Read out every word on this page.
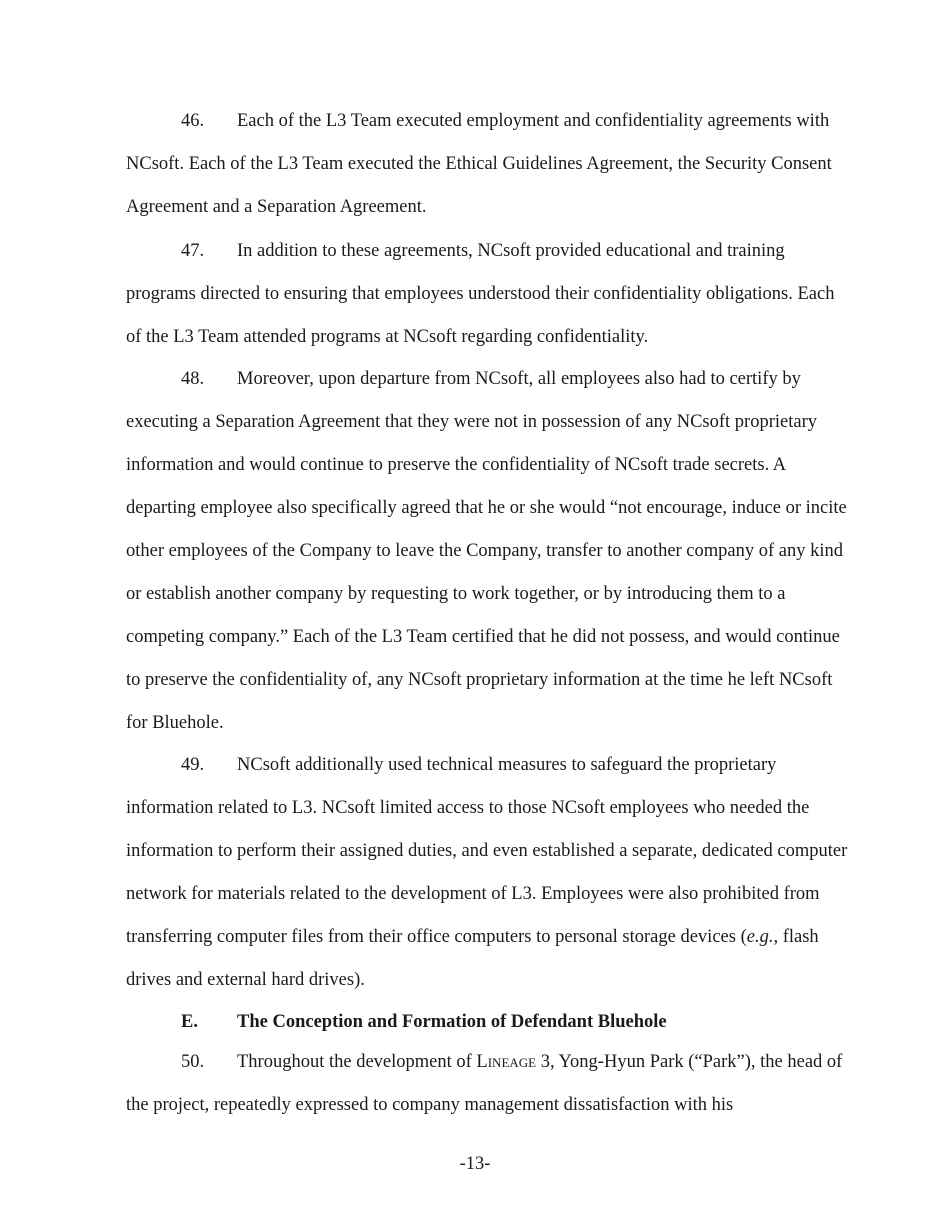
46. Each of the L3 Team executed employment and confidentiality agreements with NCsoft. Each of the L3 Team executed the Ethical Guidelines Agreement, the Security Consent Agreement and a Separation Agreement.

47. In addition to these agreements, NCsoft provided educational and training programs directed to ensuring that employees understood their confidentiality obligations. Each of the L3 Team attended programs at NCsoft regarding confidentiality.

48. Moreover, upon departure from NCsoft, all employees also had to certify by executing a Separation Agreement that they were not in possession of any NCsoft proprietary information and would continue to preserve the confidentiality of NCsoft trade secrets. A departing employee also specifically agreed that he or she would “not encourage, induce or incite other employees of the Company to leave the Company, transfer to another company of any kind or establish another company by requesting to work together, or by introducing them to a competing company.” Each of the L3 Team certified that he did not possess, and would continue to preserve the confidentiality of, any NCsoft proprietary information at the time he left NCsoft for Bluehole.

49. NCsoft additionally used technical measures to safeguard the proprietary information related to L3. NCsoft limited access to those NCsoft employees who needed the information to perform their assigned duties, and even established a separate, dedicated computer network for materials related to the development of L3. Employees were also prohibited from transferring computer files from their office computers to personal storage devices (e.g., flash drives and external hard drives).

E. The Conception and Formation of Defendant Bluehole

50. Throughout the development of Lineage 3, Yong-Hyun Park (“Park”), the head of the project, repeatedly expressed to company management dissatisfaction with his

-13-
